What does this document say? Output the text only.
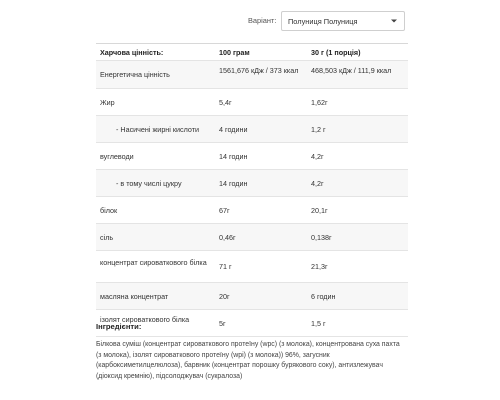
Варіант: Полуниця Полуниця
Харчова цінність:	100 грам	30 г (1 порція)
Енергетична цінність	1561,676 кДж / 373 ккал	468,503 кДж / 111,9 ккал
Жир	5,4г	1,62г
- Насичені жирні кислоти	4 години	1,2 г
вуглеводи	14 годин	4,2г
- в тому числі цукру	14 годин	4,2г
білок	67г	20,1г
сіль	0,46г	0,138г
концентрат сироваткового білка	71 г	21,3г
масляна концентрат	20г	6 годин
ізолят сироваткового білка	5г	1,5 г
Інгредієнти:
Білкова суміш (концентрат сироваткового протеїну (wpc) (з молока), концентрована суха пахта (з молока), ізолят сироваткового протеїну (wpi) (з молока)) 96%, загусник (карбоксиметилцелюлоза), барвник (концентрат порошку бурякового соку), антизлежувач (діоксид кремнію), підсолоджувач (сукралоза)
